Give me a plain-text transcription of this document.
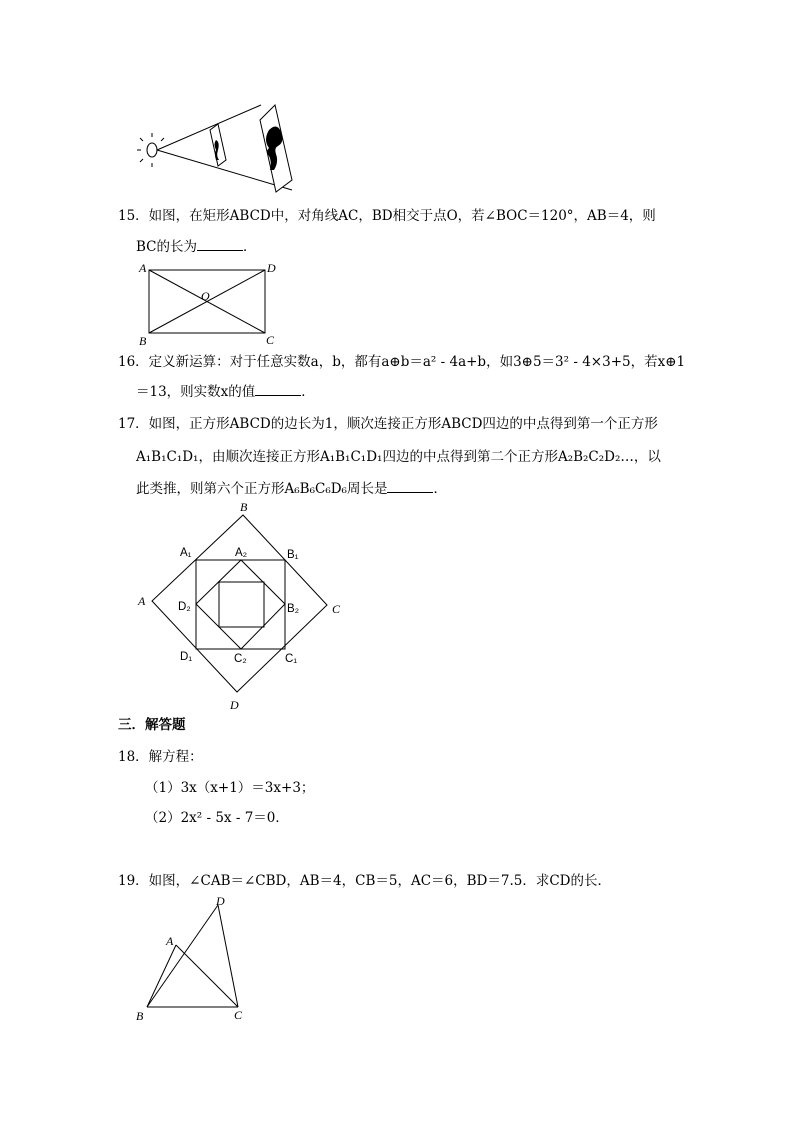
15．如图，在矩形ABCD中，对角线AC，BD相交于点O，若∠BOC＝120°，AB＝4，则
BC的长为	．
A	D
O
B	C
16．定义新运算：对于任意实数a，b，都有a⊕b＝a² - 4a+b，如3⊕5＝3² - 4×3+5，若x⊕1
＝13，则实数x的值	．
17．如图，正方形ABCD的边长为1，顺次连接正方形ABCD四边的中点得到第一个正方形
A₁B₁C₁D₁，由顺次连接正方形A₁B₁C₁D₁四边的中点得到第二个正方形A₂B₂C₂D₂…，以
此类推，则第六个正方形A₆B₆C₆D₆周长是	．
B
C
D
A
A₁	A₂	B₁
D₂	B₂
D₁	C₂	C₁
三．解答题
18．解方程：
（1）3x（x+1）＝3x+3；
（2）2x² - 5x - 7＝0．
19．如图，∠CAB＝∠CBD，AB＝4，CB＝5，AC＝6，BD＝7.5．求CD的长．
D
A
B	C
